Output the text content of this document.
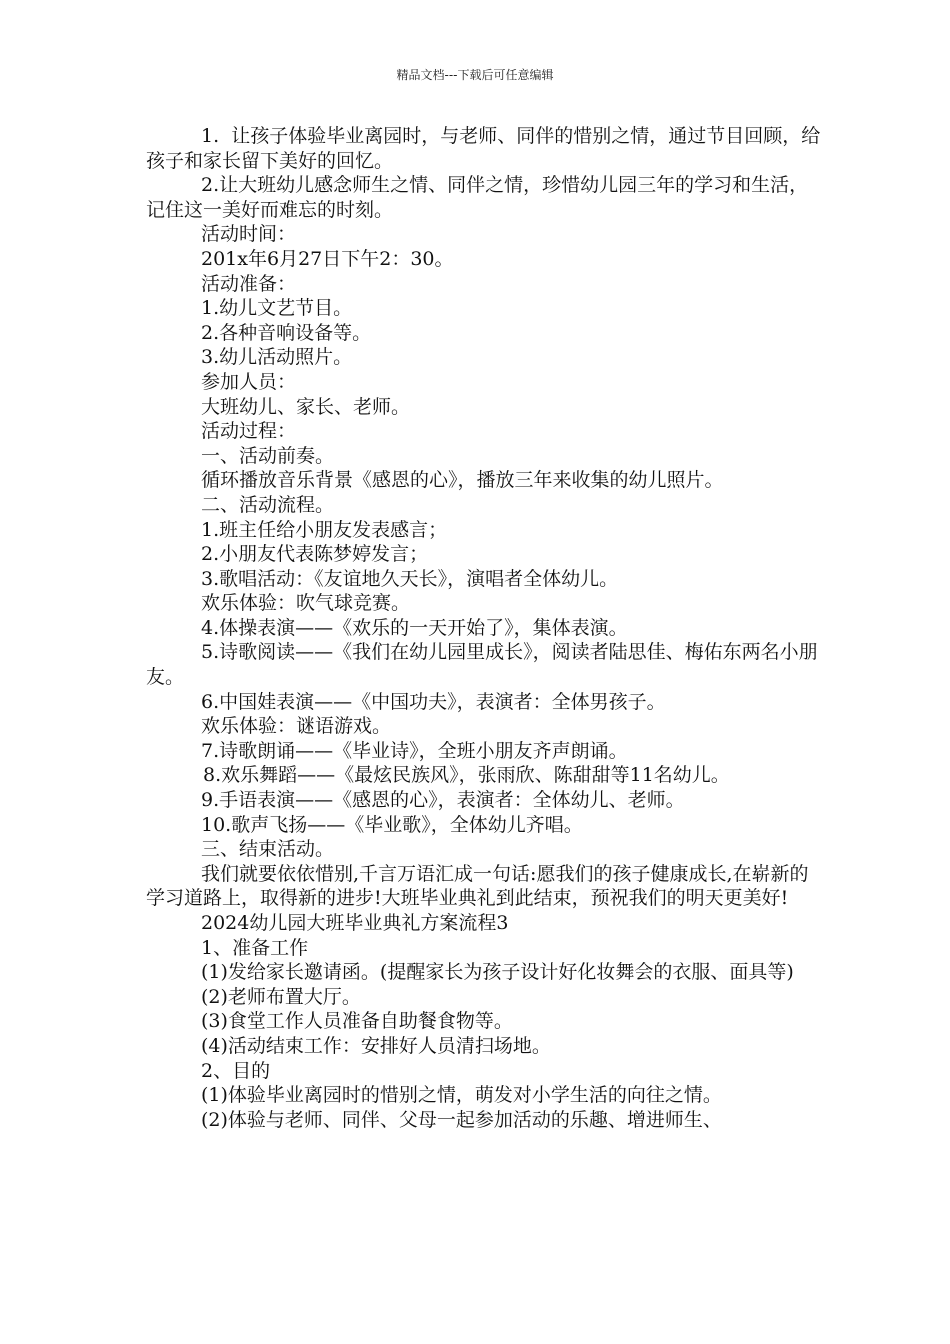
精品文档---下载后可任意编辑

1.  让孩子体验毕业离园时，与老师、同伴的惜别之情，通过节目回顾，给孩子和家长留下美好的回忆。

2.让大班幼儿感念师生之情、同伴之情，珍惜幼儿园三年的学习和生活，记住这一美好而难忘的时刻。

活动时间：

201x年6月27日下午2：30。

活动准备：

1.幼儿文艺节目。

2.各种音响设备等。

3.幼儿活动照片。

参加人员：

大班幼儿、家长、老师。

活动过程：

一、活动前奏。

循环播放音乐背景《感恩的心》，播放三年来收集的幼儿照片。

二、活动流程。

1.班主任给小朋友发表感言；

2.小朋友代表陈梦婷发言；

3.歌唱活动：《友谊地久天长》，演唱者全体幼儿。

欢乐体验：吹气球竞赛。

4.体操表演——《欢乐的一天开始了》，集体表演。

5.诗歌阅读——《我们在幼儿园里成长》，阅读者陆思佳、梅佑东两名小朋友。

6.中国娃表演——《中国功夫》，表演者：全体男孩子。

欢乐体验：谜语游戏。

7.诗歌朗诵——《毕业诗》，全班小朋友齐声朗诵。

8.欢乐舞蹈——《最炫民族风》，张雨欣、陈甜甜等11名幼儿。

9.手语表演——《感恩的心》，表演者：全体幼儿、老师。

10.歌声飞扬——《毕业歌》，全体幼儿齐唱。

三、结束活动。

我们就要依依惜别,千言万语汇成一句话:愿我们的孩子健康成长,在崭新的学习道路上，取得新的进步!大班毕业典礼到此结束，预祝我们的明天更美好!

2024幼儿园大班毕业典礼方案流程3

1、准备工作

(1)发给家长邀请函。(提醒家长为孩子设计好化妆舞会的衣服、面具等)

(2)老师布置大厅。

(3)食堂工作人员准备自助餐食物等。

(4)活动结束工作：安排好人员清扫场地。

2、目的

(1)体验毕业离园时的惜别之情，萌发对小学生活的向往之情。

(2)体验与老师、同伴、父母一起参加活动的乐趣、增进师生、
